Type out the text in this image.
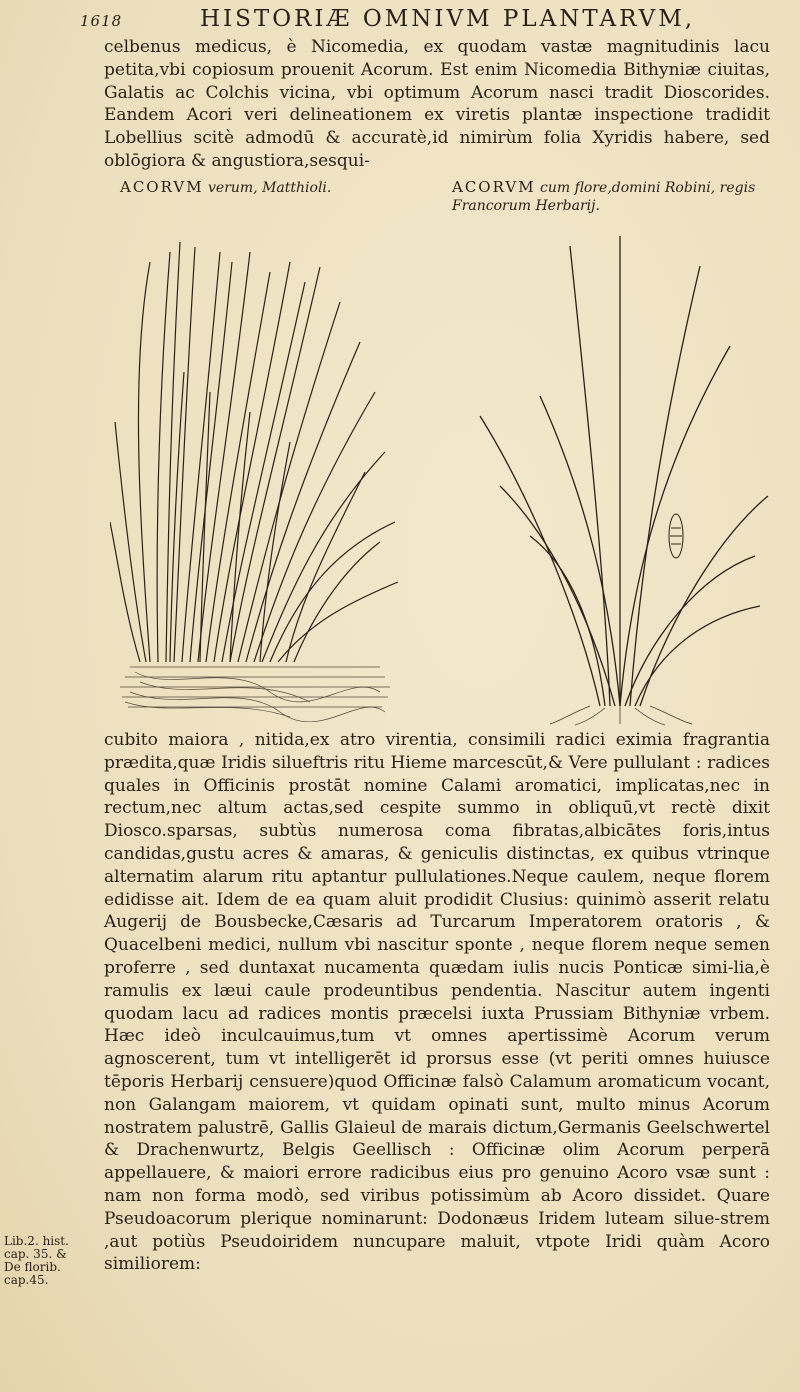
1618	HISTORIÆ OMNIVM PLANTARVM,

celbenus medicus, è Nicomedia, ex quodam vastæ magnitudinis lacu petita,vbi copiosum prouenit Acorum. Est enim Nicomedia Bithyniæ ciuitas, Galatis ac Colchis vicina, vbi optimum Acorum nasci tradit Dioscorides. Eandem Acori veri delineationem ex viretis plantæ inspectione tradidit Lobellius scitè admodū & accuratè,id nimirùm folia Xyridis habere, sed oblōgiora & angustiora,sesqui-

ACORVM verum, Matthioli.	ACORVM cum flore,domini Robini, regis Francorum Herbarij.

cubito maiora , nitida,ex atro virentia, consimili radici eximia fragrantia prædita,quæ Iridis silueftris ritu Hieme marcescūt,& Vere pullulant : radices quales in Officinis prostāt nomine Calami aromatici, implicatas,nec in rectum,nec altum actas,sed cespite summo in obliquū,vt rectè dixit Diosco.sparsas, subtùs numerosa coma fibratas,albicātes foris,intus candidas,gustu acres & amaras, & geniculis distinctas, ex quibus vtrinque alternatim alarum ritu aptantur pullulationes.Neque caulem, neque florem edidisse ait. Idem de ea quam aluit prodidit Clusius: quinimò asserit relatu Augerij de Bousbecke,Cæsaris ad Turcarum Imperatorem oratoris , & Quacelbeni medici, nullum vbi nascitur sponte , neque florem neque semen proferre , sed duntaxat nucamenta quædam iulis nucis Ponticæ simi-lia,è ramulis ex læui caule prodeuntibus pendentia. Nascitur autem ingenti quodam lacu ad radices montis præcelsi iuxta Prussiam Bithyniæ vrbem. Hæc ideò inculcauimus,tum vt omnes apertissimè Acorum verum agnoscerent, tum vt intelligerēt id prorsus esse (vt periti omnes huiusce tēporis Herbarij censuere)quod Officinæ falsò Calamum aromaticum vocant, non Galangam maiorem, vt quidam opinati sunt, multo minus Acorum nostratem palustrē, Gallis Glaieul de marais dictum,Germanis Geelschwertel & Drachenwurtz, Belgis Geellisch : Officinæ olim Acorum perperā appellauere, & maiori errore radicibus eius pro genuino Acoro vsæ sunt : nam non forma modò, sed viribus potissimùm ab Acoro dissidet. Quare Pseudoacorum plerique nominarunt: Dodonæus Iridem luteam silue-strem ,aut potiùs Pseudoiridem nuncupare maluit, vtpote Iridi quàm Acoro similiorem:

Lib.2. hist.
cap. 35. &
De florib.
cap.45.
